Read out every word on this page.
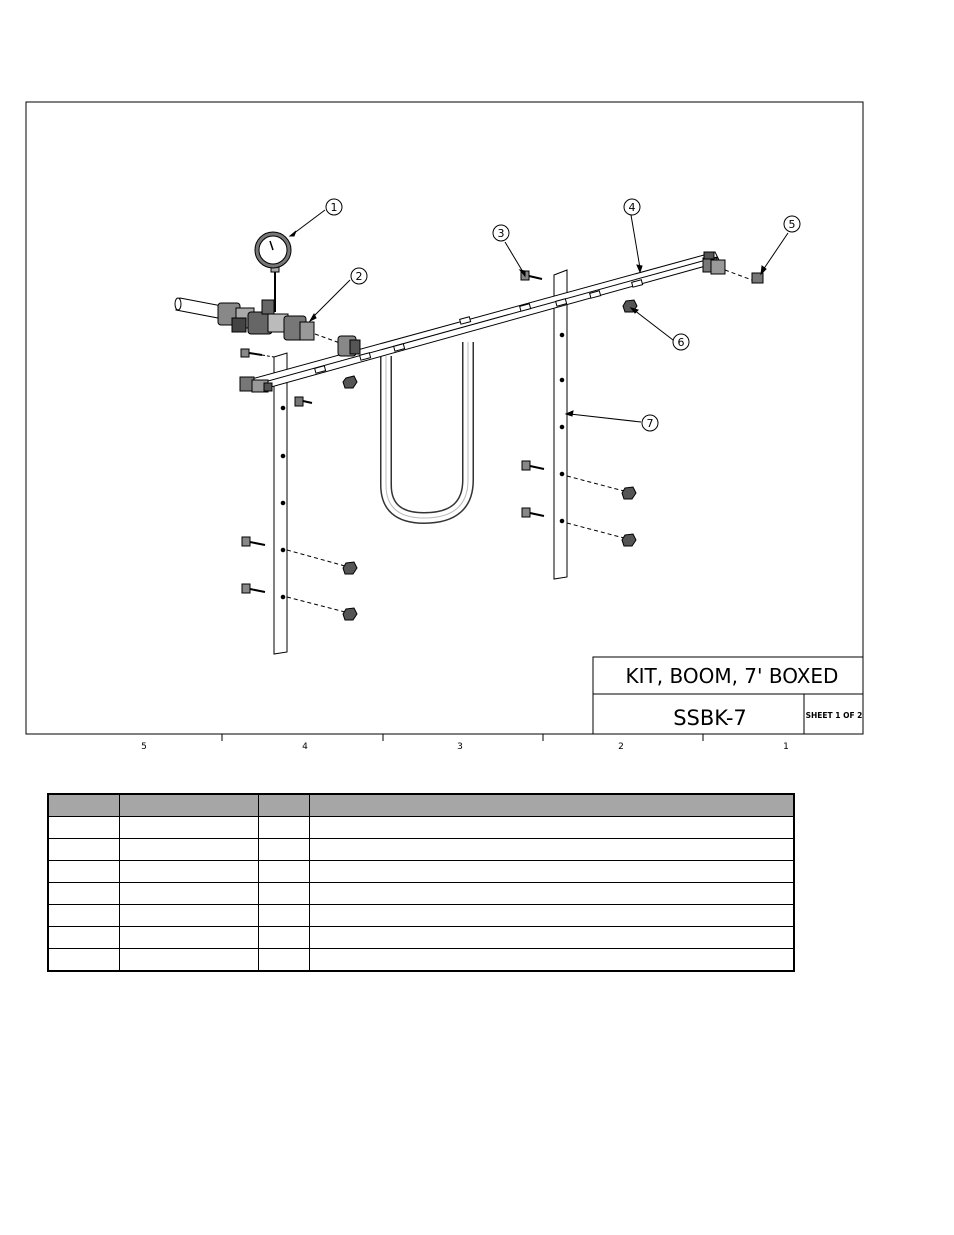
5	4	3	2	1
KIT, BOOM, 7' BOXED
SSBK-7	SHEET 1 OF 2
1
2
3
4
5
6
7
